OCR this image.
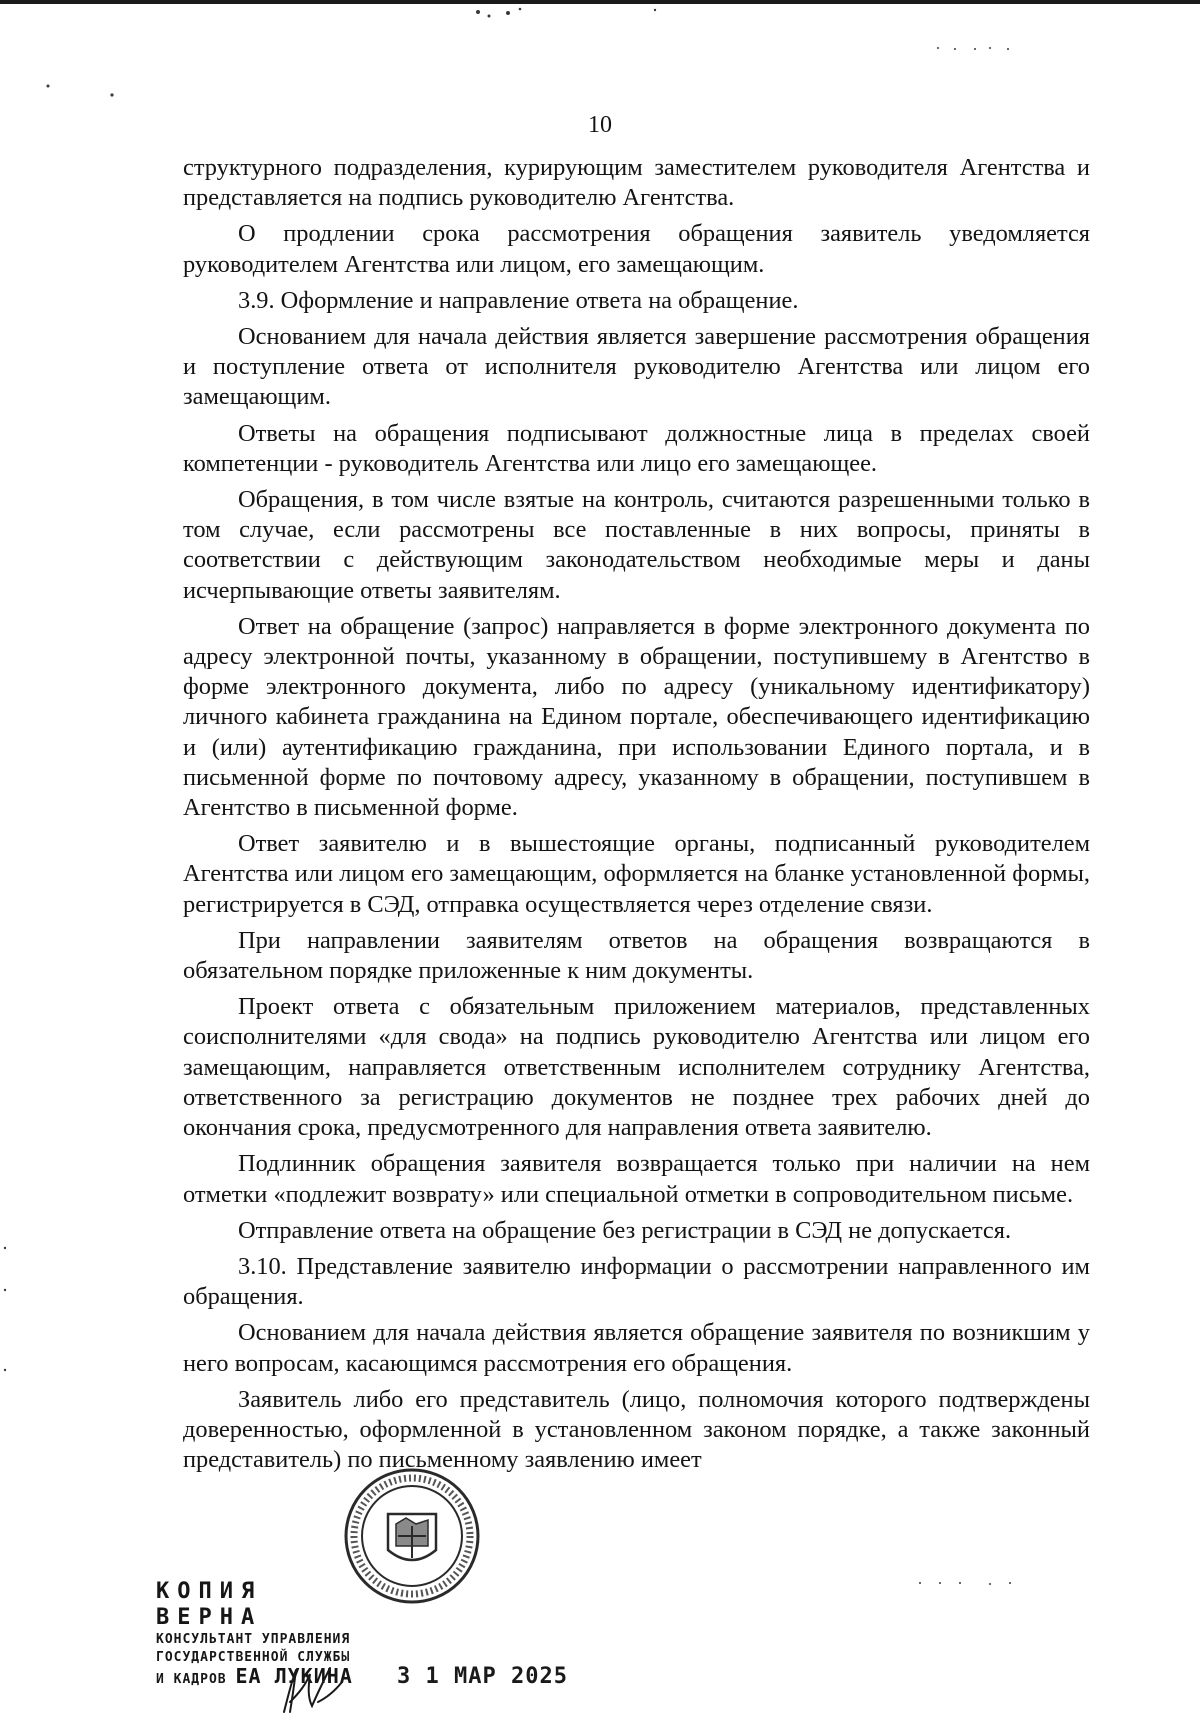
10

структурного подразделения, курирующим заместителем руководителя Агентства и представляется на подпись руководителю Агентства.

О продлении срока рассмотрения обращения заявитель уведомляется руководителем Агентства или лицом, его замещающим.

3.9. Оформление и направление ответа на обращение.

Основанием для начала действия является завершение рассмотрения обращения и поступление ответа от исполнителя руководителю Агентства или лицом его замещающим.

Ответы на обращения подписывают должностные лица в пределах своей компетенции - руководитель Агентства или лицо его замещающее.

Обращения, в том числе взятые на контроль, считаются разрешенными только в том случае, если рассмотрены все поставленные в них вопросы, приняты в соответствии с действующим законодательством необходимые меры и даны исчерпывающие ответы заявителям.

Ответ на обращение (запрос) направляется в форме электронного документа по адресу электронной почты, указанному в обращении, поступившему в Агентство в форме электронного документа, либо по адресу (уникальному идентификатору) личного кабинета гражданина на Едином портале, обеспечивающего идентификацию и (или) аутентификацию гражданина, при использовании Единого портала, и в письменной форме по почтовому адресу, указанному в обращении, поступившем в Агентство в письменной форме.

Ответ заявителю и в вышестоящие органы, подписанный руководителем Агентства или лицом его замещающим, оформляется на бланке установленной формы, регистрируется в СЭД, отправка осуществляется через отделение связи.

При направлении заявителям ответов на обращения возвращаются в обязательном порядке приложенные к ним документы.

Проект ответа с обязательным приложением материалов, представленных соисполнителями «для свода» на подпись руководителю Агентства или лицом его замещающим, направляется ответственным исполнителем сотруднику Агентства, ответственного за регистрацию документов не позднее трех рабочих дней до окончания срока, предусмотренного для направления ответа заявителю.

Подлинник обращения заявителя возвращается только при наличии на нем отметки «подлежит возврату» или специальной отметки в сопроводительном письме.

Отправление ответа на обращение без регистрации в СЭД не допускается.

3.10. Представление заявителю информации о рассмотрении направленного им обращения.

Основанием для начала действия является обращение заявителя по возникшим у него вопросам, касающимся рассмотрения его обращения.

Заявитель либо его представитель (лицо, полномочия которого подтверждены доверенностью, оформленной в установленном законом порядке, а также законный представитель) по письменному заявлению имеет

КОПИЯ ВЕРНА
КОНСУЛЬТАНТ УПРАВЛЕНИЯ
ГОСУДАРСТВЕННОЙ СЛУЖБЫ
И КАДРОВ ЕА ЛУКИНА	3 1 МАР 2025
